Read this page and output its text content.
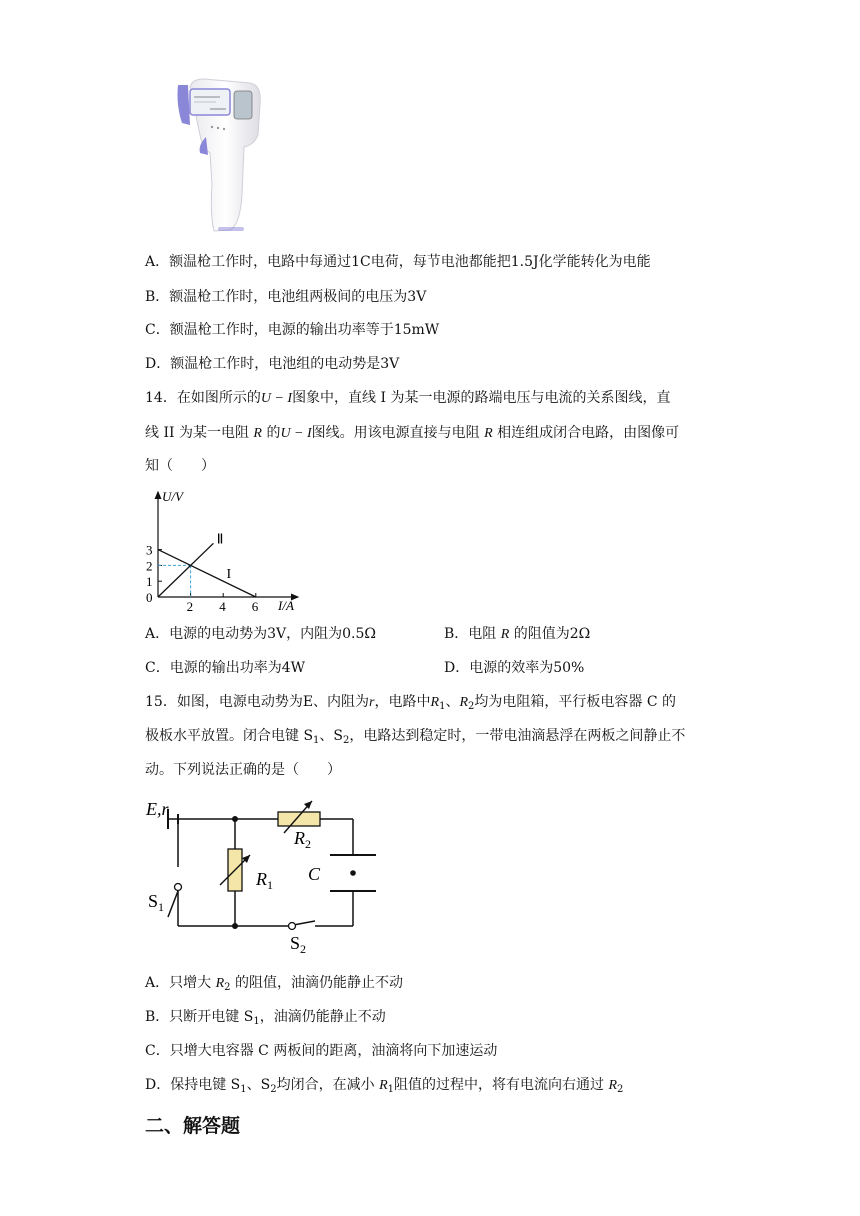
A．额温枪工作时，电路中每通过1C电荷，每节电池都能把1.5J化学能转化为电能
B．额温枪工作时，电池组两极间的电压为3V
C．额温枪工作时，电源的输出功率等于15mW
D．额温枪工作时，电池组的电动势是3V
14．在如图所示的U − I图象中，直线 I 为某一电源的路端电压与电流的关系图线，直
线 II 为某一电阻 R 的U − I图线。用该电源直接与电阻 R 相连组成闭合电路，由图像可
知（　　）
1
2
3
2 4 6
I
Ⅱ
U/V
I/A
0
A．电源的电动势为3V，内阻为0.5Ω	B．电阻 R 的阻值为2Ω
C．电源的输出功率为4W	D．电源的效率为50%
15．如图，电源电动势为E、内阻为r，电路中$R_1$、$R_2$均为电阻箱，平行板电容器 C 的
极板水平放置。闭合电键 $S_1$、$S_2$，电路达到稳定时，一带电油滴悬浮在两板之间静止不
动。下列说法正确的是（　　）
E,r
$R_1$
$R_2$
C
$S_1$
$S_2$
A．只增大 $R_2$ 的阻值，油滴仍能静止不动
B．只断开电键 $S_1$，油滴仍能静止不动
C．只增大电容器 C 两板间的距离，油滴将向下加速运动
D．保持电键 $S_1$、$S_2$均闭合，在减小 $R_1$阻值的过程中，将有电流向右通过 $R_2$
二、解答题
